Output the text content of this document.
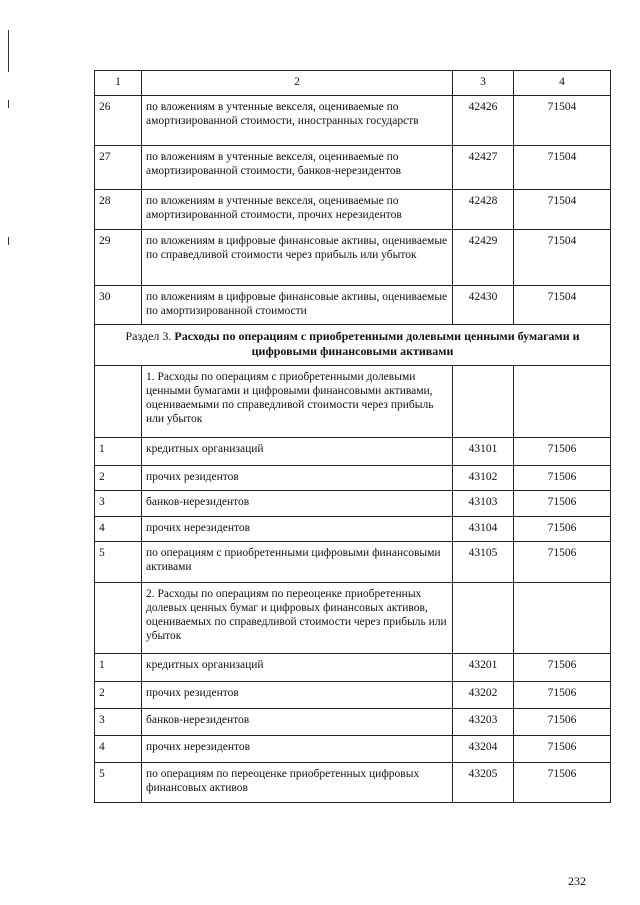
1	2	3	4
26	по вложениям в учтенные векселя, оцениваемые по амортизированной стоимости, иностранных государств	42426	71504
27	по вложениям в учтенные векселя, оцениваемые по амортизированной стоимости, банков-нерезидентов	42427	71504
28	по вложениям в учтенные векселя, оцениваемые по амортизированной стоимости, прочих нерезидентов	42428	71504
29	по вложениям в цифровые финансовые активы, оцениваемые по справедливой стоимости через прибыль или убыток	42429	71504
30	по вложениям в цифровые финансовые активы, оцениваемые по амортизированной стоимости	42430	71504
Раздел 3. Расходы по операциям с приобретенными долевыми ценными бумагами и цифровыми финансовыми активами			
	1. Расходы по операциям с приобретенными долевыми ценными бумагами и цифровыми финансовыми активами, оцениваемыми по справедливой стоимости через прибыль или убыток		
1	кредитных организаций	43101	71506
2	прочих резидентов	43102	71506
3	банков-нерезидентов	43103	71506
4	прочих нерезидентов	43104	71506
5	по операциям с приобретенными цифровыми финансовыми активами	43105	71506
	2. Расходы по операциям по переоценке приобретенных долевых ценных бумаг и цифровых финансовых активов, оцениваемых по справедливой стоимости через прибыль или убыток		
1	кредитных организаций	43201	71506
2	прочих резидентов	43202	71506
3	банков-нерезидентов	43203	71506
4	прочих нерезидентов	43204	71506
5	по операциям по переоценке приобретенных цифровых финансовых активов	43205	71506
232
